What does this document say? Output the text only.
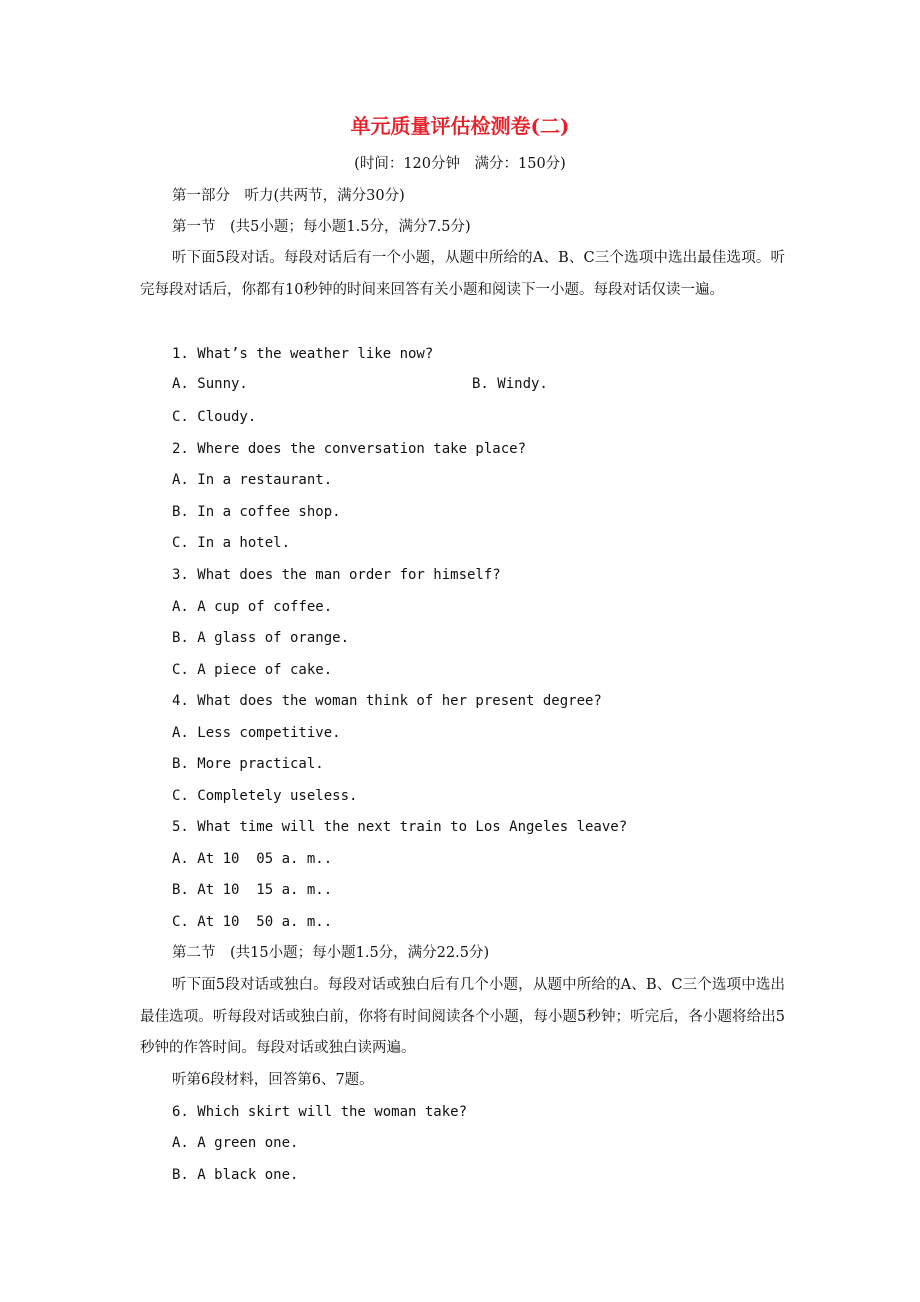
单元质量评估检测卷(二)
(时间：120分钟　满分：150分)
第一部分　听力(共两节，满分30分)
第一节　(共5小题；每小题1.5分，满分7.5分)
听下面5段对话。每段对话后有一个小题，从题中所给的A、B、C三个选项中选出最佳选项。听完每段对话后，你都有10秒钟的时间来回答有关小题和阅读下一小题。每段对话仅读一遍。
1. What’s the weather like now?
A. Sunny.	B. Windy.
C. Cloudy.
2. Where does the conversation take place?
A. In a restaurant.
B. In a coffee shop.
C. In a hotel.
3. What does the man order for himself?
A. A cup of coffee.
B. A glass of orange.
C. A piece of cake.
4. What does the woman think of her present degree?
A. Less competitive.
B. More practical.
C. Completely useless.
5. What time will the next train to Los Angeles leave?
A. At 10  05 a. m..
B. At 10  15 a. m..
C. At 10  50 a. m..
第二节　(共15小题；每小题1.5分，满分22.5分)
听下面5段对话或独白。每段对话或独白后有几个小题，从题中所给的A、B、C三个选项中选出最佳选项。听每段对话或独白前，你将有时间阅读各个小题，每小题5秒钟；听完后，各小题将给出5秒钟的作答时间。每段对话或独白读两遍。
听第6段材料，回答第6、7题。
6. Which skirt will the woman take?
A. A green one.
B. A black one.
